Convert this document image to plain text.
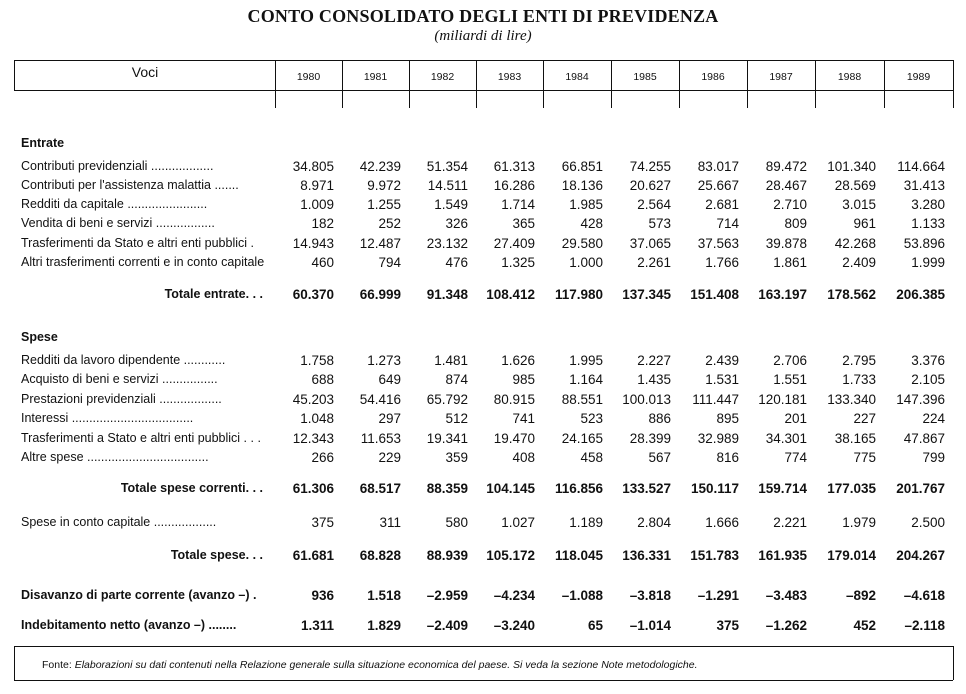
CONTO CONSOLIDATO DEGLI ENTI DI PREVIDENZA
(miliardi di lire)
Voci	1980	1981	1982	1983	1984	1985	1986	1987	1988	1989
Entrate
Contributi previdenziali ..................	34.805	42.239	51.354	61.313	66.851	74.255	83.017	89.472	101.340	114.664
Contributi per l'assistenza malattia .......	8.971	9.972	14.511	16.286	18.136	20.627	25.667	28.467	28.569	31.413
Redditi da capitale .......................	1.009	1.255	1.549	1.714	1.985	2.564	2.681	2.710	3.015	3.280
Vendita di beni e servizi .................	182	252	326	365	428	573	714	809	961	1.133
Trasferimenti da Stato e altri enti pubblici .	14.943	12.487	23.132	27.409	29.580	37.065	37.563	39.878	42.268	53.896
Altri trasferimenti correnti e in conto capitale	460	794	476	1.325	1.000	2.261	1.766	1.861	2.409	1.999
Totale entrate. . .	60.370	66.999	91.348	108.412	117.980	137.345	151.408	163.197	178.562	206.385
Spese
Redditi da lavoro dipendente ............	1.758	1.273	1.481	1.626	1.995	2.227	2.439	2.706	2.795	3.376
Acquisto di beni e servizi ................	688	649	874	985	1.164	1.435	1.531	1.551	1.733	2.105
Prestazioni previdenziali ..................	45.203	54.416	65.792	80.915	88.551	100.013	111.447	120.181	133.340	147.396
Interessi ...................................	1.048	297	512	741	523	886	895	201	227	224
Trasferimenti a Stato e altri enti pubblici . . .	12.343	11.653	19.341	19.470	24.165	28.399	32.989	34.301	38.165	47.867
Altre spese ...................................	266	229	359	408	458	567	816	774	775	799
Totale spese correnti. . .	61.306	68.517	88.359	104.145	116.856	133.527	150.117	159.714	177.035	201.767
Spese in conto capitale ..................	375	311	580	1.027	1.189	2.804	1.666	2.221	1.979	2.500
Totale spese. . .	61.681	68.828	88.939	105.172	118.045	136.331	151.783	161.935	179.014	204.267
Disavanzo di parte corrente (avanzo –) .	936	1.518	–2.959	–4.234	–1.088	–3.818	–1.291	–3.483	–892	–4.618
Indebitamento netto (avanzo –) ........	1.311	1.829	–2.409	–3.240	65	–1.014	375	–1.262	452	–2.118
Fonte: Elaborazioni su dati contenuti nella Relazione generale sulla situazione economica del paese. Si veda la sezione Note metodologiche.
